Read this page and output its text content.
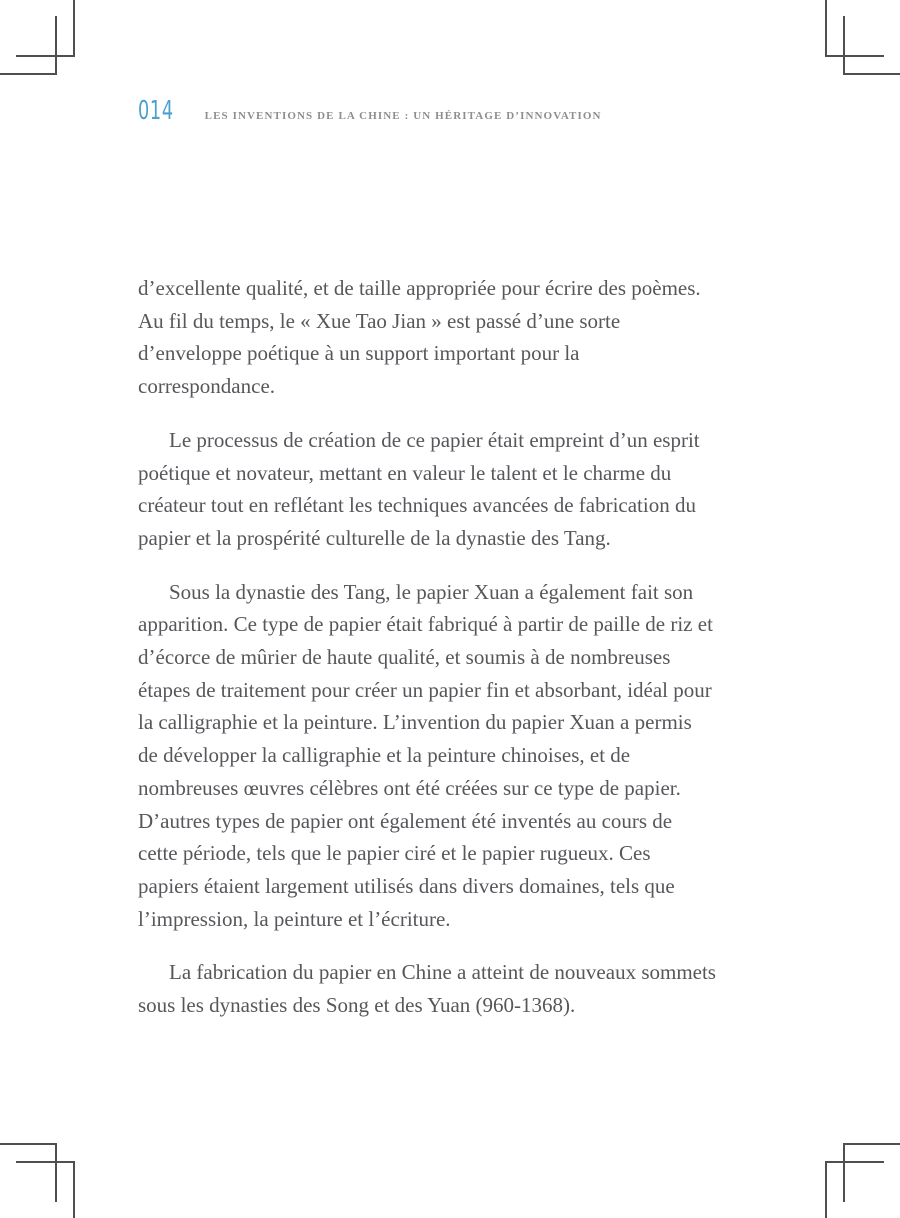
014	LES INVENTIONS DE LA CHINE : UN HÉRITAGE D’INNOVATION

d’excellente qualité, et de taille appropriée pour écrire des poèmes. Au fil du temps, le « Xue Tao Jian » est passé d’une sorte d’enveloppe poétique à un support important pour la correspondance.

Le processus de création de ce papier était empreint d’un esprit poétique et novateur, mettant en valeur le talent et le charme du créateur tout en reflétant les techniques avancées de fabrication du papier et la prospérité culturelle de la dynastie des Tang.

Sous la dynastie des Tang, le papier Xuan a également fait son apparition. Ce type de papier était fabriqué à partir de paille de riz et d’écorce de mûrier de haute qualité, et soumis à de nombreuses étapes de traitement pour créer un papier fin et absorbant, idéal pour la calligraphie et la peinture. L’invention du papier Xuan a permis de développer la calligraphie et la peinture chinoises, et de nombreuses œuvres célèbres ont été créées sur ce type de papier. D’autres types de papier ont également été inventés au cours de cette période, tels que le papier ciré et le papier rugueux. Ces papiers étaient largement utilisés dans divers domaines, tels que l’impression, la peinture et l’écriture.

La fabrication du papier en Chine a atteint de nouveaux sommets sous les dynasties des Song et des Yuan (960-1368).
